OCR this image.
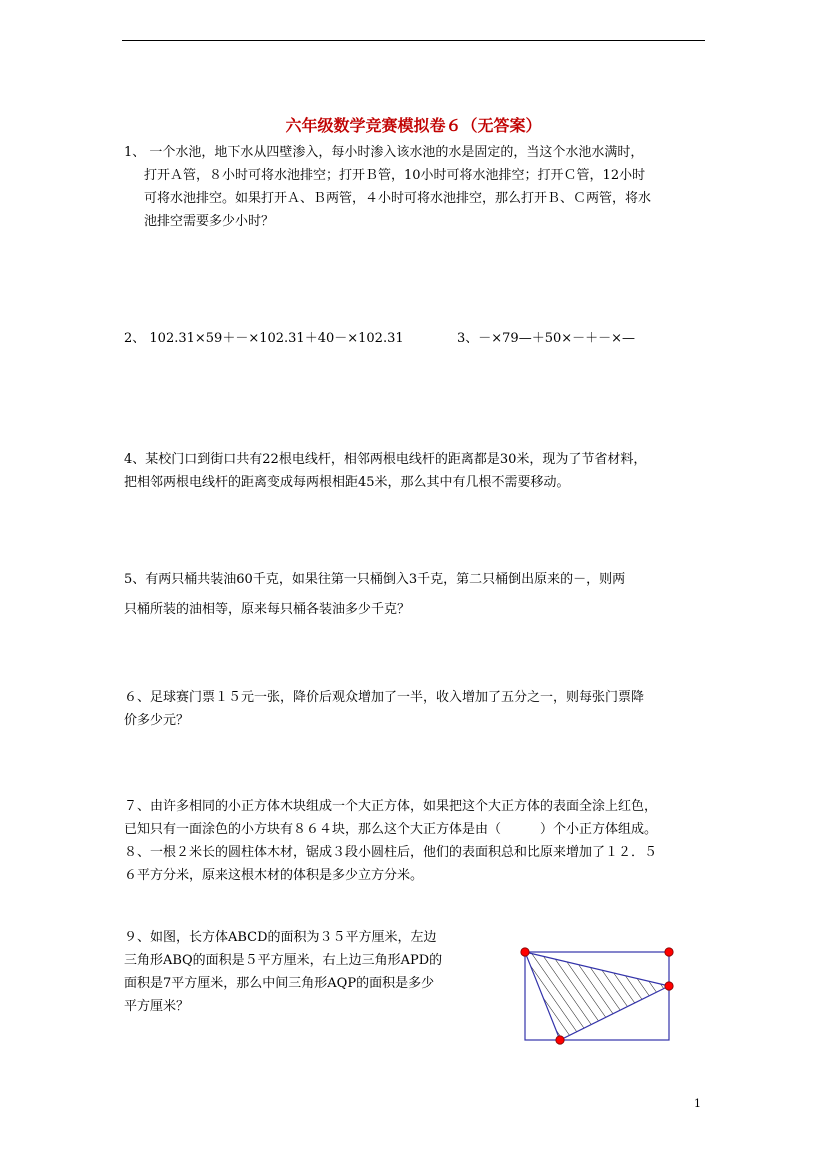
六年级数学竞赛模拟卷６（无答案）
1、 一个水池，地下水从四壁渗入，每小时渗入该水池的水是固定的，当这个水池水满时，
打开Ａ管，８小时可将水池排空；打开Ｂ管，10小时可将水池排空；打开Ｃ管，12小时
可将水池排空。如果打开Ａ、Ｂ两管，４小时可将水池排空，那么打开Ｂ、Ｃ两管，将水
池排空需要多少小时？
2、 102.31×59＋－×102.31＋40－×102.31	3、－×79—＋50×－＋－×—
4、某校门口到街口共有22根电线杆，相邻两根电线杆的距离都是30米，现为了节省材料，
把相邻两根电线杆的距离变成每两根相距45米，那么其中有几根不需要移动。
5、有两只桶共装油60千克，如果往第一只桶倒入3千克，第二只桶倒出原来的－，则两
只桶所装的油相等，原来每只桶各装油多少千克？
６、足球赛门票１５元一张，降价后观众增加了一半，收入增加了五分之一，则每张门票降
价多少元？
７、由许多相同的小正方体木块组成一个大正方体，如果把这个大正方体的表面全涂上红色，
已知只有一面涂色的小方块有８６４块，那么这个大正方体是由（　　　）个小正方体组成。
８、一根２米长的圆柱体木材，锯成３段小圆柱后，他们的表面积总和比原来增加了１２．５
６平方分米，原来这根木材的体积是多少立方分米。
９、如图，长方体ABCD的面积为３５平方厘米，左边
三角形ABQ的面积是５平方厘米，右上边三角形APD的
面积是7平方厘米，那么中间三角形AQP的面积是多少
平方厘米？
1
